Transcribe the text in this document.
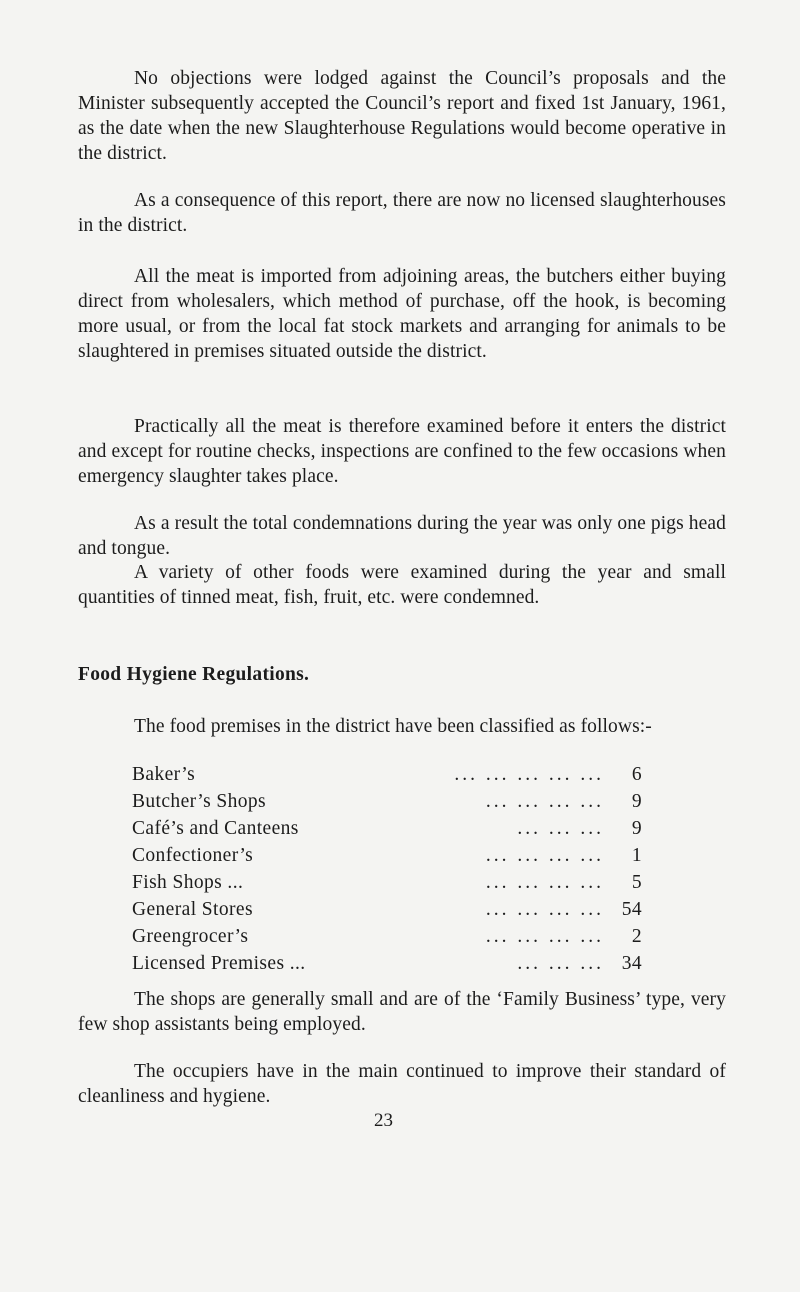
No objections were lodged against the Council’s proposals and the Minister subsequently accepted the Council’s report and fixed 1st January, 1961, as the date when the new Slaughterhouse Regulations would become operative in the district.

As a consequence of this report, there are now no licensed slaughterhouses in the district.

All the meat is imported from adjoining areas, the butchers either buying direct from wholesalers, which method of purchase, off the hook, is becoming more usual, or from the local fat stock markets and arranging for animals to be slaughtered in premises situated outside the district.

Practically all the meat is therefore examined before it enters the district and except for routine checks, inspections are confined to the few occasions when emergency slaughter takes place.

As a result the total condemnations during the year was only one pigs head and tongue.

A variety of other foods were examined during the year and small quantities of tinned meat, fish, fruit, etc. were condemned.

Food Hygiene Regulations.

The food premises in the district have been classified as follows:-

Baker’s	... ... ... ... ... 6
Butcher’s Shops	... ... ... ... 9
Café’s and Canteens	... ... ... 9
Confectioner’s	... ... ... ... 1
Fish Shops ...	... ... ... ... 5
General Stores	... ... ... ... 54
Greengrocer’s	... ... ... ... 2
Licensed Premises ...	... ... ... 34

The shops are generally small and are of the ‘Family Business’ type, very few shop assistants being employed.

The occupiers have in the main continued to improve their standard of cleanliness and hygiene.

23
